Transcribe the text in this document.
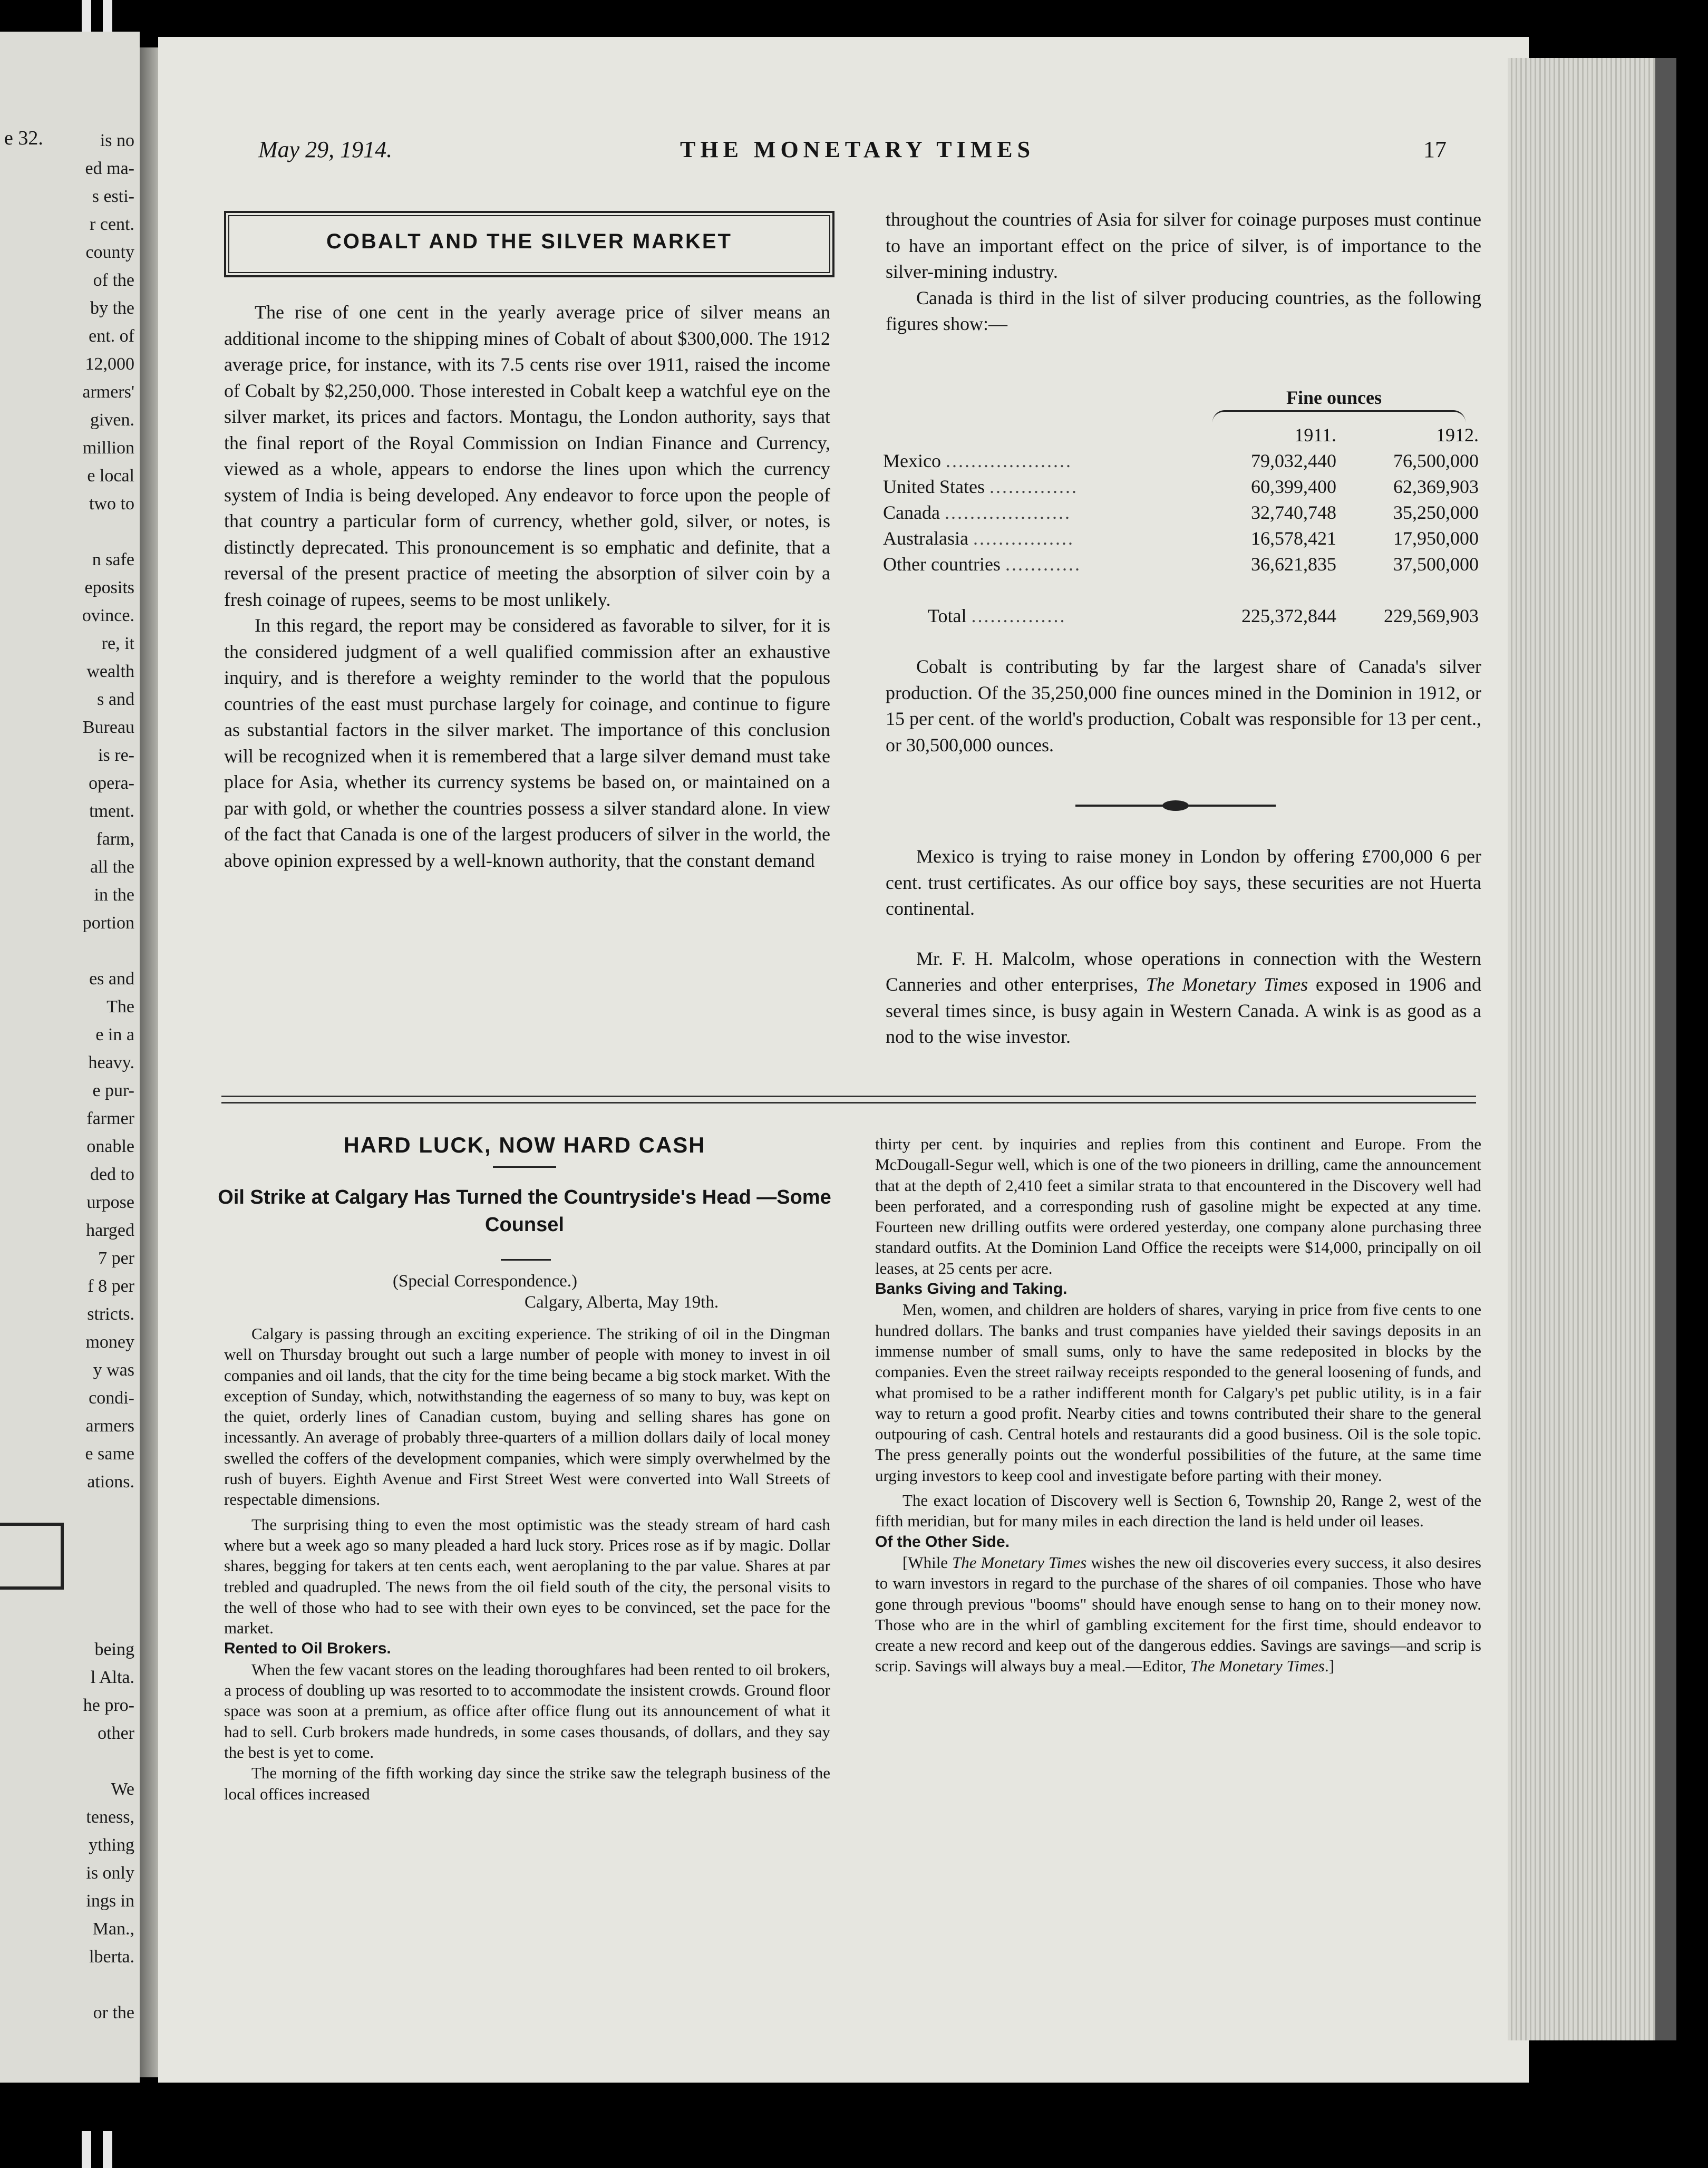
e 32.	is no
ed ma-
s esti-
r cent.
county
of the
by the
ent. of
12,000
armers'
given.
million
e local
two to

n safe
eposits
ovince.
re, it
wealth
s and
Bureau
is re-
opera-
tment.
farm,
all the
in the
portion

es and
The
e in a
heavy.
e pur-
farmer
onable
ded to
urpose
harged
7 per
f 8 per
stricts.
money
y was
condi-
armers
e same
ations.

being
l Alta.
he pro-
other

We
teness,
ything
is only
ings in
Man.,
lberta.

or the
May 29, 1914.	THE MONETARY TIMES	17
COBALT AND THE SILVER MARKET

The rise of one cent in the yearly average price of silver means an additional income to the shipping mines of Cobalt of about $300,000. The 1912 average price, for instance, with its 7.5 cents rise over 1911, raised the income of Cobalt by $2,250,000. Those interested in Cobalt keep a watchful eye on the silver market, its prices and factors. Montagu, the London authority, says that the final report of the Royal Commission on Indian Finance and Currency, viewed as a whole, appears to endorse the lines upon which the currency system of India is being developed. Any endeavor to force upon the people of that country a particular form of currency, whether gold, silver, or notes, is distinctly deprecated. This pronouncement is so emphatic and definite, that a reversal of the present practice of meeting the absorption of silver coin by a fresh coinage of rupees, seems to be most unlikely.

In this regard, the report may be considered as favorable to silver, for it is the considered judgment of a well qualified commission after an exhaustive inquiry, and is therefore a weighty reminder to the world that the populous countries of the east must purchase largely for coinage, and continue to figure as substantial factors in the silver market. The importance of this conclusion will be recognized when it is remembered that a large silver demand must take place for Asia, whether its currency systems be based on, or maintained on a par with gold, or whether the countries possess a silver standard alone. In view of the fact that Canada is one of the largest producers of silver in the world, the above opinion expressed by a well-known authority, that the constant demand

throughout the countries of Asia for silver for coinage purposes must continue to have an important effect on the price of silver, is of importance to the silver-mining industry.

Canada is third in the list of silver producing countries, as the following figures show:—

Fine ounces
	1911.	1912.
Mexico ....................	79,032,440	76,500,000
United States ..............	60,399,400	62,369,903
Canada ....................	32,740,748	35,250,000
Australasia ................	16,578,421	17,950,000
Other countries ............	36,621,835	37,500,000

Total ...............	225,372,844	229,569,903

Cobalt is contributing by far the largest share of Canada's silver production. Of the 35,250,000 fine ounces mined in the Dominion in 1912, or 15 per cent. of the world's production, Cobalt was responsible for 13 per cent., or 30,500,000 ounces.

Mexico is trying to raise money in London by offering £700,000 6 per cent. trust certificates. As our office boy says, these securities are not Huerta continental.

Mr. F. H. Malcolm, whose operations in connection with the Western Canneries and other enterprises, The Monetary Times exposed in 1906 and several times since, is busy again in Western Canada. A wink is as good as a nod to the wise investor.

HARD LUCK, NOW HARD CASH
Oil Strike at Calgary Has Turned the Countryside's Head —Some Counsel
(Special Correspondence.)
Calgary, Alberta, May 19th.

Calgary is passing through an exciting experience. The striking of oil in the Dingman well on Thursday brought out such a large number of people with money to invest in oil companies and oil lands, that the city for the time being became a big stock market. With the exception of Sunday, which, notwithstanding the eagerness of so many to buy, was kept on the quiet, orderly lines of Canadian custom, buying and selling shares has gone on incessantly. An average of probably three-quarters of a million dollars daily of local money swelled the coffers of the development companies, which were simply overwhelmed by the rush of buyers. Eighth Avenue and First Street West were converted into Wall Streets of respectable dimensions.

The surprising thing to even the most optimistic was the steady stream of hard cash where but a week ago so many pleaded a hard luck story. Prices rose as if by magic. Dollar shares, begging for takers at ten cents each, went aeroplaning to the par value. Shares at par trebled and quadrupled. The news from the oil field south of the city, the personal visits to the well of those who had to see with their own eyes to be convinced, set the pace for the market.

Rented to Oil Brokers.

When the few vacant stores on the leading thoroughfares had been rented to oil brokers, a process of doubling up was resorted to to accommodate the insistent crowds. Ground floor space was soon at a premium, as office after office flung out its announcement of what it had to sell. Curb brokers made hundreds, in some cases thousands, of dollars, and they say the best is yet to come.

The morning of the fifth working day since the strike saw the telegraph business of the local offices increased

thirty per cent. by inquiries and replies from this continent and Europe. From the McDougall-Segur well, which is one of the two pioneers in drilling, came the announcement that at the depth of 2,410 feet a similar strata to that encountered in the Discovery well had been perforated, and a corresponding rush of gasoline might be expected at any time. Fourteen new drilling outfits were ordered yesterday, one company alone purchasing three standard outfits. At the Dominion Land Office the receipts were $14,000, principally on oil leases, at 25 cents per acre.

Banks Giving and Taking.

Men, women, and children are holders of shares, varying in price from five cents to one hundred dollars. The banks and trust companies have yielded their savings deposits in an immense number of small sums, only to have the same redeposited in blocks by the companies. Even the street railway receipts responded to the general loosening of funds, and what promised to be a rather indifferent month for Calgary's pet public utility, is in a fair way to return a good profit. Nearby cities and towns contributed their share to the general outpouring of cash. Central hotels and restaurants did a good business. Oil is the sole topic. The press generally points out the wonderful possibilities of the future, at the same time urging investors to keep cool and investigate before parting with their money.

The exact location of Discovery well is Section 6, Township 20, Range 2, west of the fifth meridian, but for many miles in each direction the land is held under oil leases.

Of the Other Side.

[While The Monetary Times wishes the new oil discoveries every success, it also desires to warn investors in regard to the purchase of the shares of oil companies. Those who have gone through previous "booms" should have enough sense to hang on to their money now. Those who are in the whirl of gambling excitement for the first time, should endeavor to create a new record and keep out of the dangerous eddies. Savings are savings—and scrip is scrip. Savings will always buy a meal.—Editor, The Monetary Times.]
